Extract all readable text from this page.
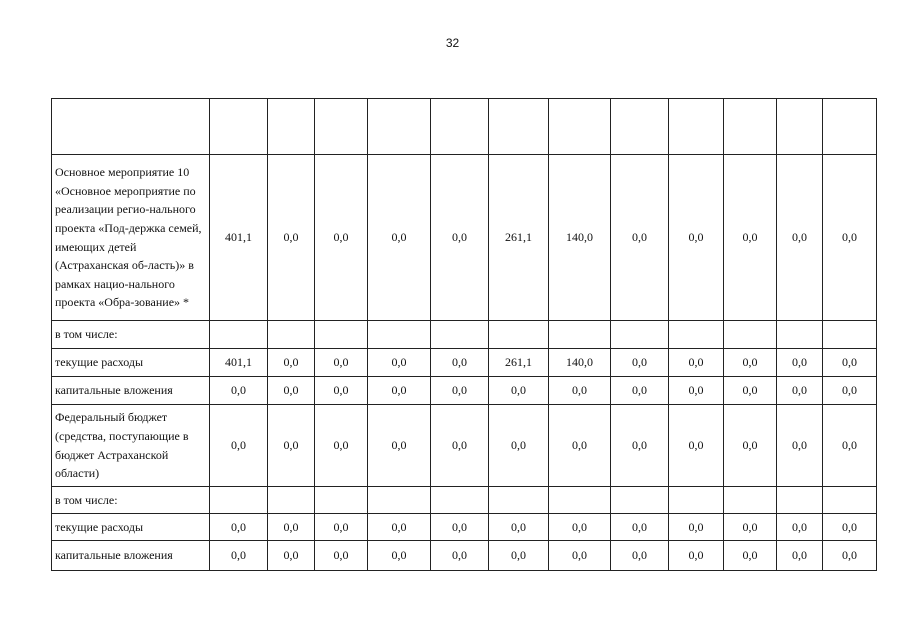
32

Основное мероприятие 10 «Основное мероприятие по реализации регио-нального проекта «Под-держка семей, имеющих детей (Астраханская об-ласть)» в рамках нацио-нального проекта «Обра-зование» *	401,1	0,0	0,0	0,0	0,0	261,1	140,0	0,0	0,0	0,0	0,0	0,0
в том числе:												
текущие расходы	401,1	0,0	0,0	0,0	0,0	261,1	140,0	0,0	0,0	0,0	0,0	0,0
капитальные вложения	0,0	0,0	0,0	0,0	0,0	0,0	0,0	0,0	0,0	0,0	0,0	0,0
Федеральный бюджет (средства, поступающие в бюджет Астраханской области)	0,0	0,0	0,0	0,0	0,0	0,0	0,0	0,0	0,0	0,0	0,0	0,0
в том числе:												
текущие расходы	0,0	0,0	0,0	0,0	0,0	0,0	0,0	0,0	0,0	0,0	0,0	0,0
капитальные вложения	0,0	0,0	0,0	0,0	0,0	0,0	0,0	0,0	0,0	0,0	0,0	0,0
